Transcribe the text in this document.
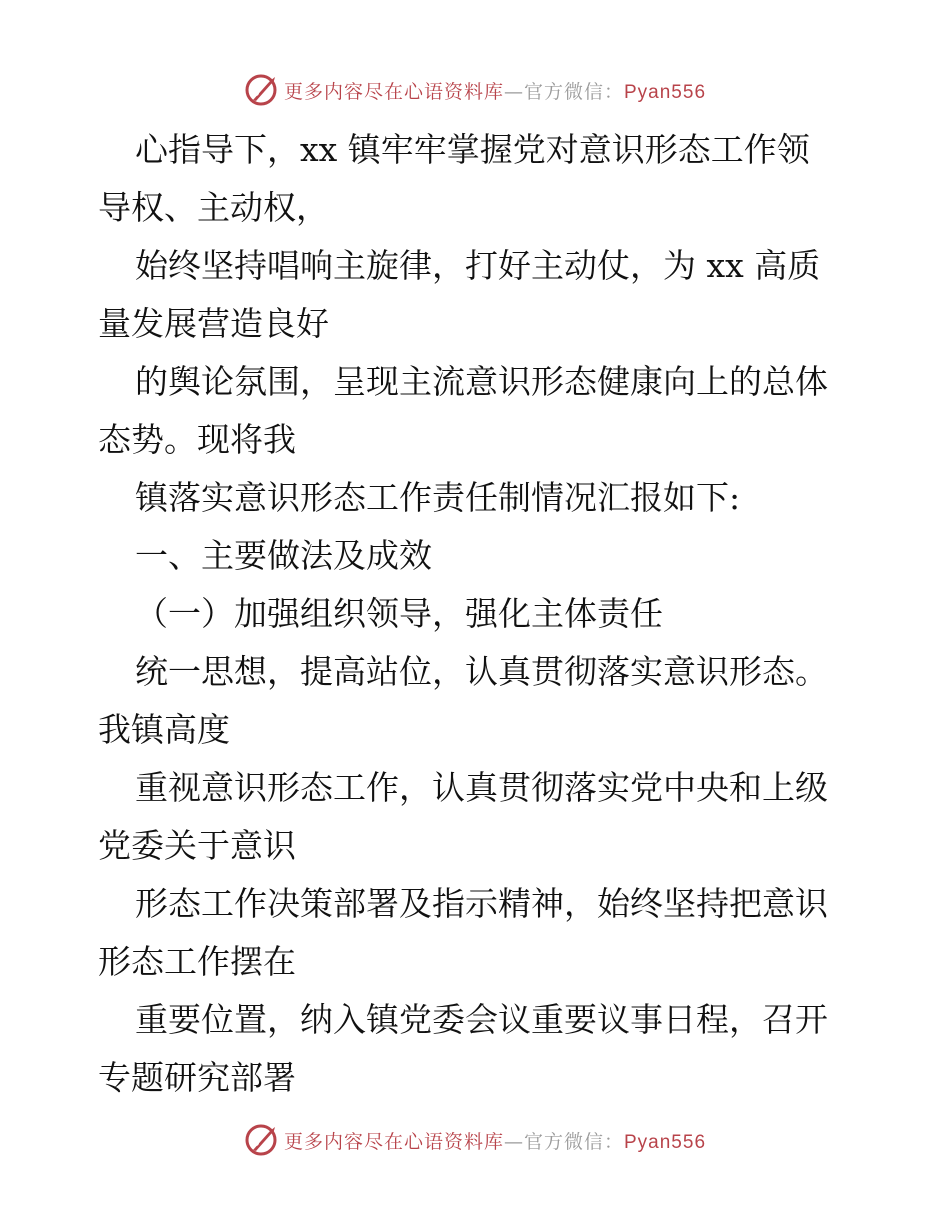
更多内容尽在心语资料库—官方微信：Pyan556
心指导下，xx 镇牢牢掌握党对意识形态工作领
导权、主动权，
始终坚持唱响主旋律，打好主动仗，为 xx 高质
量发展营造良好
的舆论氛围，呈现主流意识形态健康向上的总体
态势。现将我
镇落实意识形态工作责任制情况汇报如下:
一、主要做法及成效
（一）加强组织领导，强化主体责任
统一思想，提高站位，认真贯彻落实意识形态。
我镇高度
重视意识形态工作，认真贯彻落实党中央和上级
党委关于意识
形态工作决策部署及指示精神，始终坚持把意识
形态工作摆在
重要位置，纳入镇党委会议重要议事日程，召开
专题研究部署
更多内容尽在心语资料库—官方微信：Pyan556
